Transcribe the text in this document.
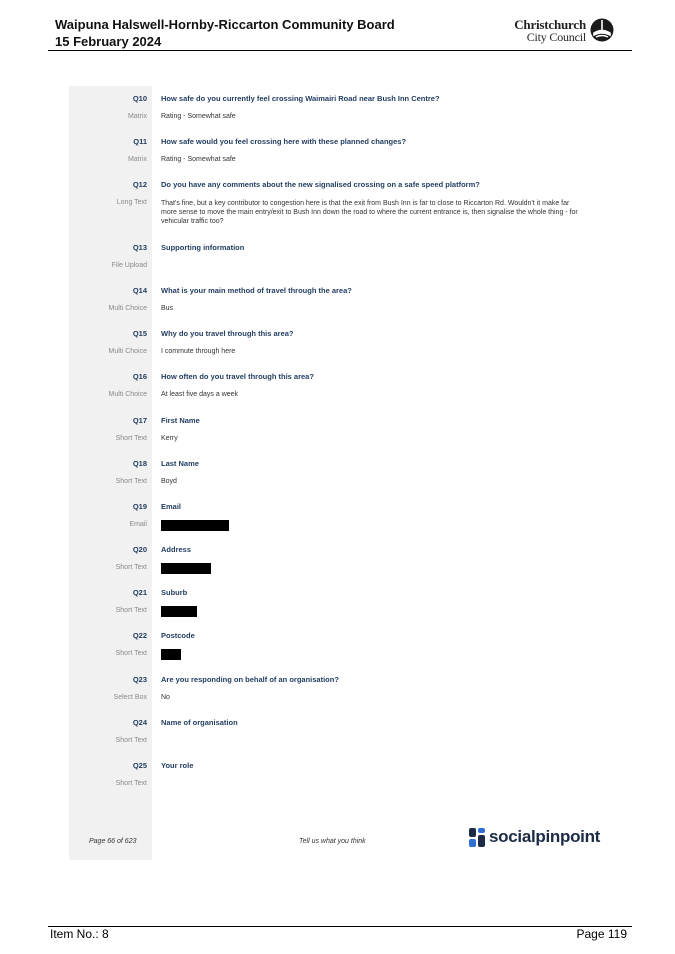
Waipuna Halswell-Hornby-Riccarton Community Board
15 February 2024
Christchurch
City Council
Q10
Matrix
How safe do you currently feel crossing Waimairi Road near Bush Inn Centre?
Rating - Somewhat safe
Q11
Matrix
How safe would you feel crossing here with these planned changes?
Rating - Somewhat safe
Q12
Long Text
Do you have any comments about the new signalised crossing on a safe speed platform?
That's fine, but a key contributor to congestion here is that the exit from Bush Inn is far to close to Riccarton Rd. Wouldn't it make far more sense to move the main entry/exit to Bush Inn down the road to where the current entrance is, then signalise the whole thing - for vehicular traffic too?
Q13
File Upload
Supporting information
Q14
Multi Choice
What is your main method of travel through the area?
Bus
Q15
Multi Choice
Why do you travel through this area?
I commute through here
Q16
Multi Choice
How often do you travel through this area?
At least five days a week
Q17
Short Text
First Name
Kerry
Q18
Short Text
Last Name
Boyd
Q19
Email
Email
Q20
Short Text
Address
Q21
Short Text
Suburb
Q22
Short Text
Postcode
Q23
Select Box
Are you responding on behalf of an organisation?
No
Q24
Short Text
Name of organisation
Q25
Short Text
Your role
Page 66 of 623	Tell us what you think	socialpinpoint
Item No.: 8	Page 119
